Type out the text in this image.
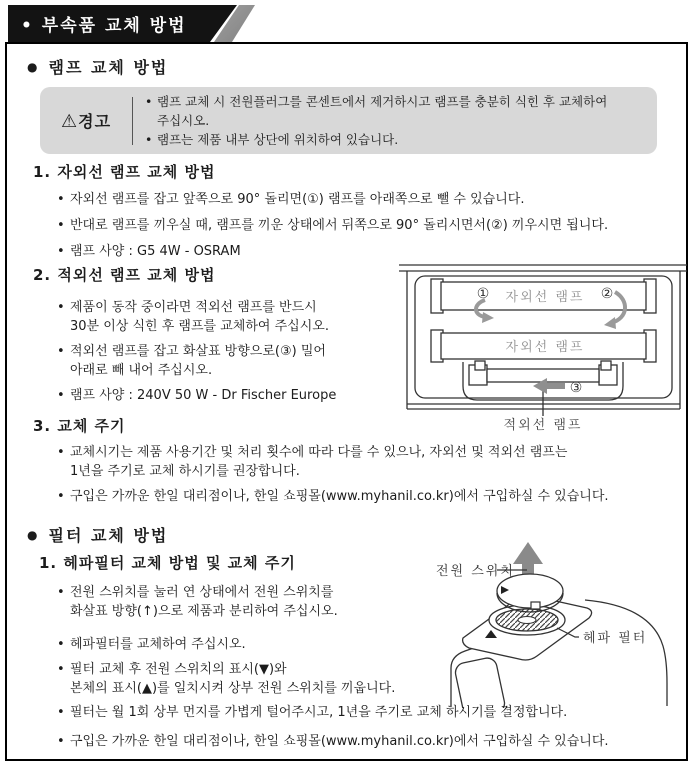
• 부속품 교체 방법
● 램프 교체 방법
⚠경고
• 램프 교체 시 전원플러그를 콘센트에서 제거하시고 램프를 충분히 식힌 후 교체하여
주십시오.
• 램프는 제품 내부 상단에 위치하여 있습니다.
1. 자외선 램프 교체 방법
• 자외선 램프를 잡고 앞쪽으로 90° 돌리면(①) 램프를 아래쪽으로 뺄 수 있습니다.
• 반대로 램프를 끼우실 때, 램프를 끼운 상태에서 뒤쪽으로 90° 돌리시면서(②) 끼우시면 됩니다.
• 램프 사양 : G5 4W - OSRAM
2. 적외선 램프 교체 방법
• 제품이 동작 중이라면 적외선 램프를 반드시
30분 이상 식힌 후 램프를 교체하여 주십시오.
• 적외선 램프를 잡고 화살표 방향으로(③) 밀어
아래로 빼 내어 주십시오.
• 램프 사양 : 240V 50 W - Dr Fischer Europe
자외선 램프
①	②
자외선 램프
③
적외선 램프
3. 교체 주기
• 교체시기는 제품 사용기간 및 처리 횟수에 따라 다를 수 있으나, 자외선 및 적외선 램프는
1년을 주기로 교체 하시기를 권장합니다.
• 구입은 가까운 한일 대리점이나, 한일 쇼핑몰(www.myhanil.co.kr)에서 구입하실 수 있습니다.
● 필터 교체 방법
1. 헤파필터 교체 방법 및 교체 주기
• 전원 스위치를 눌러 연 상태에서 전원 스위치를
화살표 방향(↑)으로 제품과 분리하여 주십시오.
• 헤파필터를 교체하여 주십시오.
• 필터 교체 후 전원 스위치의 표시(▼)와
본체의 표시(▲)를 일치시켜 상부 전원 스위치를 끼웁니다.
전원 스위치
헤파 필터
• 필터는 월 1회 상부 먼지를 가볍게 털어주시고, 1년을 주기로 교체 하시기를 결정합니다.
• 구입은 가까운 한일 대리점이나, 한일 쇼핑몰(www.myhanil.co.kr)에서 구입하실 수 있습니다.
